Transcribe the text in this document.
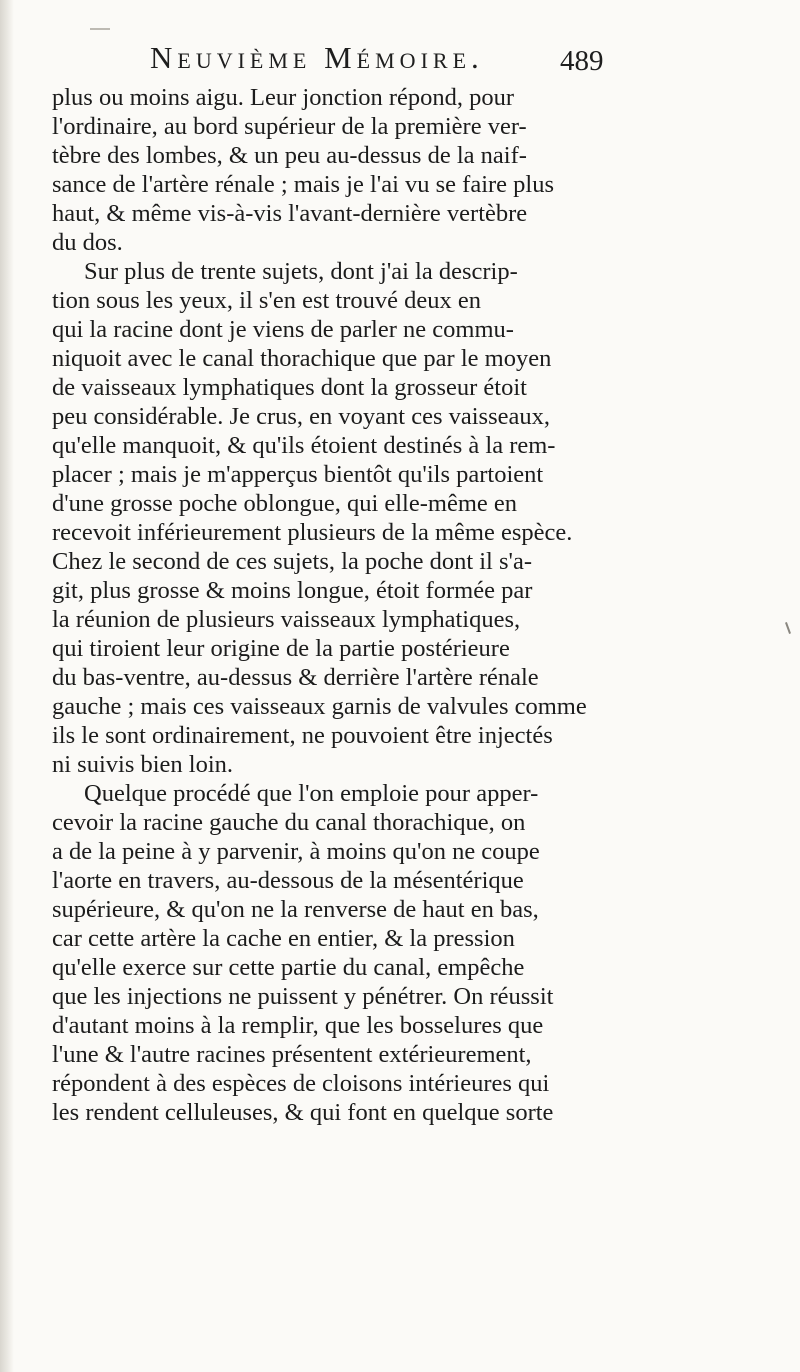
Neuvième Mémoire.	489
plus ou moins aigu. Leur jonction répond, pour
l'ordinaire, au bord supérieur de la première ver-
tèbre des lombes, & un peu au-dessus de la naif-
sance de l'artère rénale ; mais je l'ai vu se faire plus
haut, & même vis-à-vis l'avant-dernière vertèbre
du dos.
Sur plus de trente sujets, dont j'ai la descrip-
tion sous les yeux, il s'en est trouvé deux en
qui la racine dont je viens de parler ne commu-
niquoit avec le canal thorachique que par le moyen
de vaisseaux lymphatiques dont la grosseur étoit
peu considérable. Je crus, en voyant ces vaisseaux,
qu'elle manquoit, & qu'ils étoient destinés à la rem-
placer ; mais je m'apperçus bientôt qu'ils partoient
d'une grosse poche oblongue, qui elle-même en
recevoit inférieurement plusieurs de la même espèce.
Chez le second de ces sujets, la poche dont il s'a-
git, plus grosse & moins longue, étoit formée par
la réunion de plusieurs vaisseaux lymphatiques,
qui tiroient leur origine de la partie postérieure
du bas-ventre, au-dessus & derrière l'artère rénale
gauche ; mais ces vaisseaux garnis de valvules comme
ils le sont ordinairement, ne pouvoient être injectés
ni suivis bien loin.
Quelque procédé que l'on emploie pour apper-
cevoir la racine gauche du canal thorachique, on
a de la peine à y parvenir, à moins qu'on ne coupe
l'aorte en travers, au-dessous de la mésentérique
supérieure, & qu'on ne la renverse de haut en bas,
car cette artère la cache en entier, & la pression
qu'elle exerce sur cette partie du canal, empêche
que les injections ne puissent y pénétrer. On réussit
d'autant moins à la remplir, que les bosselures que
l'une & l'autre racines présentent extérieurement,
répondent à des espèces de cloisons intérieures qui
les rendent celluleuses, & qui font en quelque sorte
